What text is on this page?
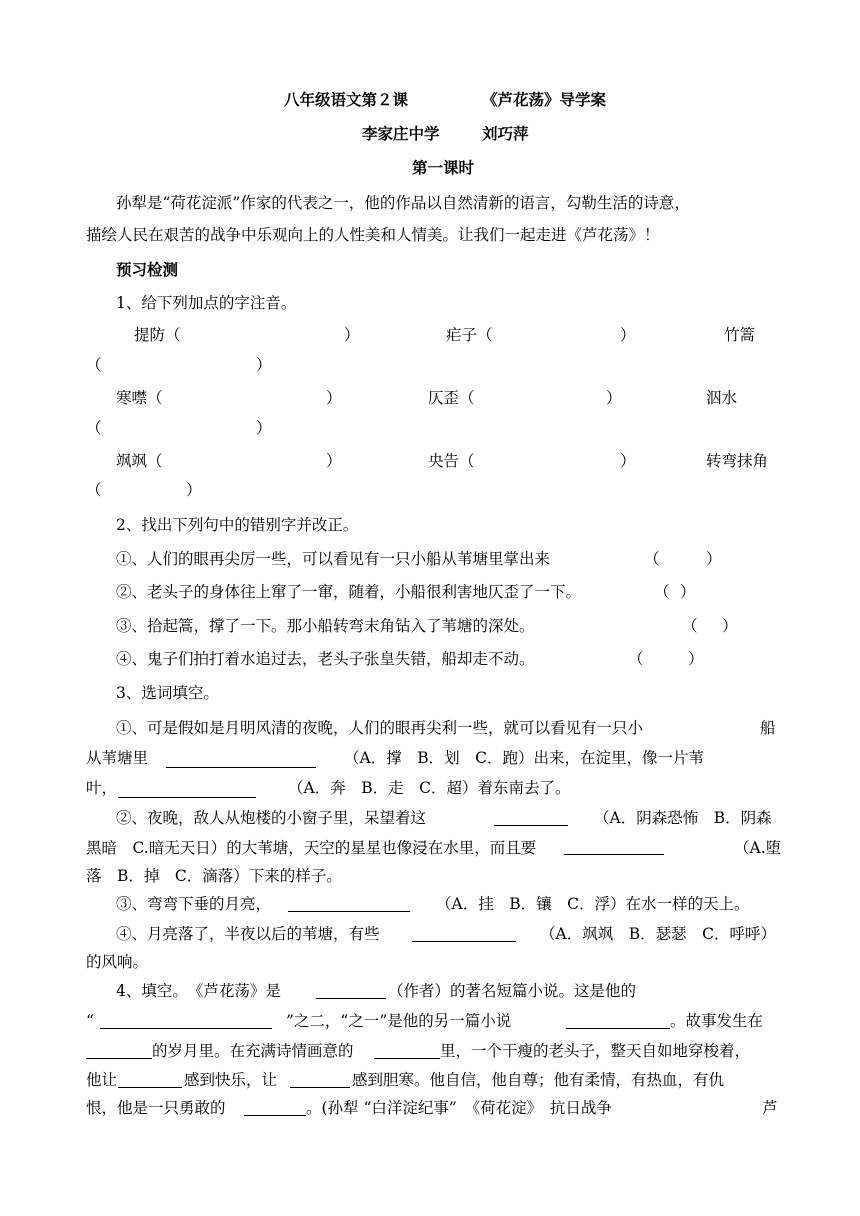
八年级语文第２课	《芦花荡》导学案
李家庄中学	刘巧萍
第一课时
孙犁是“荷花淀派”作家的代表之一，他的作品以自然清新的语言，勾勒生活的诗意，
描绘人民在艰苦的战争中乐观向上的人性美和人情美。让我们一起走进《芦花荡》！
预习检测
1、给下列加点的字注音。
提防（	）	疟子（	）	竹篙
（	）
寒噤（	）	仄歪（	）	泅水
（	）
飒飒（	）	央告（	）	转弯抹角
（	）
2、找出下列句中的错别字并改正。
①、人们的眼再尖厉一些，可以看见有一只小船从苇塘里掌出来	（	）
②、老头子的身体往上窜了一窜，随着，小船很利害地仄歪了一下。	（ ）
③、拾起篙，撑了一下。那小船转弯末角钻入了苇塘的深处。	（ ）
④、鬼子们拍打着水追过去，老头子张皇失错，船却走不动。	（	）
3、选词填空。
①、可是假如是月明风清的夜晚，人们的眼再尖利一些，就可以看见有一只小	船
从苇塘里	（A．撑　B．划　C．跑）出来，在淀里，像一片苇
叶，	（A．奔　B．走　C．超）着东南去了。
②、夜晚，敌人从炮楼的小窗子里，呆望着这	（A．阴森恐怖　B．阴森
黑暗　C.暗无天日）的大苇塘，天空的星星也像浸在水里，而且要	（A.堕
落　B．掉　C．滴落）下来的样子。
③、弯弯下垂的月亮，	（A．挂　B．镶　C．浮）在水一样的天上。
④、月亮落了，半夜以后的苇塘，有些	（A．飒飒　B．瑟瑟　C．呼呼）
的风响。
4、填空。　《芦花荡》是	（作者）的著名短篇小说。这是他的
“	”之二，“之一”是他的另一篇小说	。故事发生在
的岁月里。在充满诗情画意的	里，一个干瘦的老头子，整天自如地穿梭着，
他让	感到快乐，让	感到胆寒。他自信，他自尊；他有柔情，有热血，有仇
恨，他是一只勇敢的	。(孙犁 “白洋淀纪事”　《荷花淀》　抗日战争	芦
